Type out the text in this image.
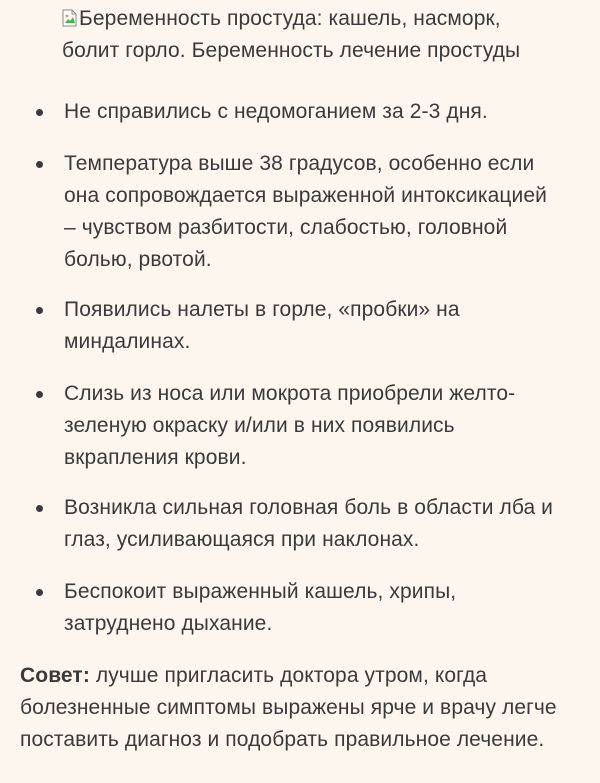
Беременность простуда: кашель, насморк, болит горло. Беременность лечение простуды
Не справились с недомоганием за 2-3 дня.
Температура выше 38 градусов, особенно если она сопровождается выраженной интоксикацией – чувством разбитости, слабостью, головной болью, рвотой.
Появились налеты в горле, «пробки» на миндалинах.
Слизь из носа или мокрота приобрели желто-зеленую окраску и/или в них появились вкрапления крови.
Возникла сильная головная боль в области лба и глаз, усиливающаяся при наклонах.
Беспокоит выраженный кашель, хрипы, затруднено дыхание.

Совет: лучше пригласить доктора утром, когда болезненные симптомы выражены ярче и врачу легче поставить диагноз и подобрать правильное лечение.
